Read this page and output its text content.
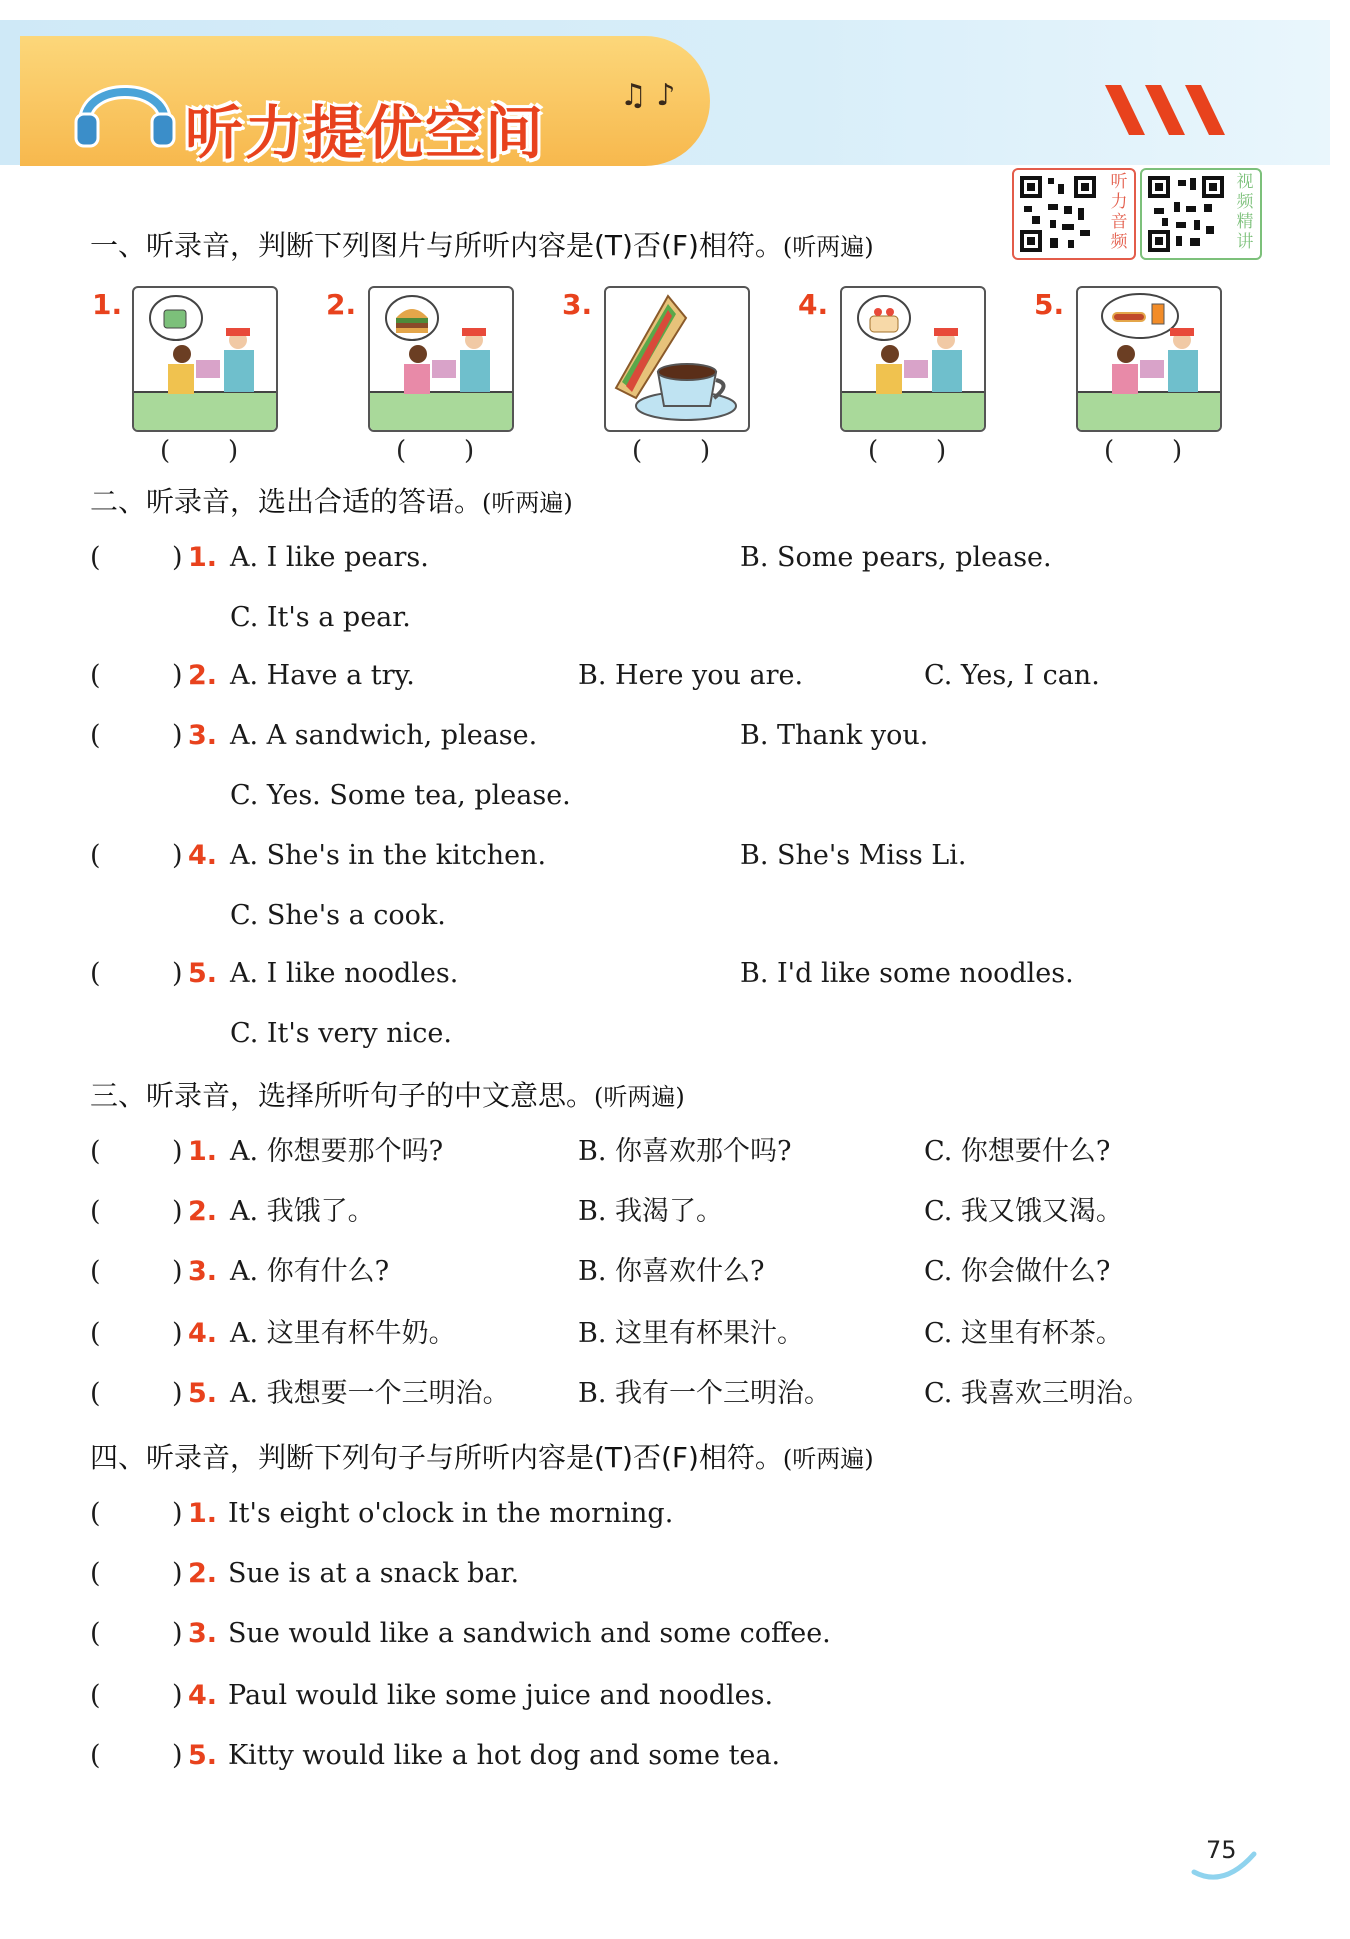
听力提优空间
♫ ♪
听力音频
视频精讲
一、听录音，判断下列图片与所听内容是(T)否(F)相符。(听两遍)
1.
(       )
2.
(       )
3.
(       )
4.
(       )
5.
(       )
二、听录音，选出合适的答语。(听两遍)
(	) 1. A. I like pears.	B. Some pears, please.
C. It's a pear.
(	) 2. A. Have a try.	B. Here you are.	C. Yes, I can.
(	) 3. A. A sandwich, please.	B. Thank you.
C. Yes. Some tea, please.
(	) 4. A. She's in the kitchen.	B. She's Miss Li.
C. She's a cook.
(	) 5. A. I like noodles.	B. I'd like some noodles.
C. It's very nice.
三、听录音，选择所听句子的中文意思。(听两遍)
(	) 1. A. 你想要那个吗?	B. 你喜欢那个吗?	C. 你想要什么?
(	) 2. A. 我饿了。	B. 我渴了。	C. 我又饿又渴。
(	) 3. A. 你有什么?	B. 你喜欢什么?	C. 你会做什么?
(	) 4. A. 这里有杯牛奶。	B. 这里有杯果汁。	C. 这里有杯茶。
(	) 5. A. 我想要一个三明治。	B. 我有一个三明治。	C. 我喜欢三明治。
四、听录音，判断下列句子与所听内容是(T)否(F)相符。(听两遍)
(	) 1. It's eight o'clock in the morning.
(	) 2. Sue is at a snack bar.
(	) 3. Sue would like a sandwich and some coffee.
(	) 4. Paul would like some juice and noodles.
(	) 5. Kitty would like a hot dog and some tea.
75
